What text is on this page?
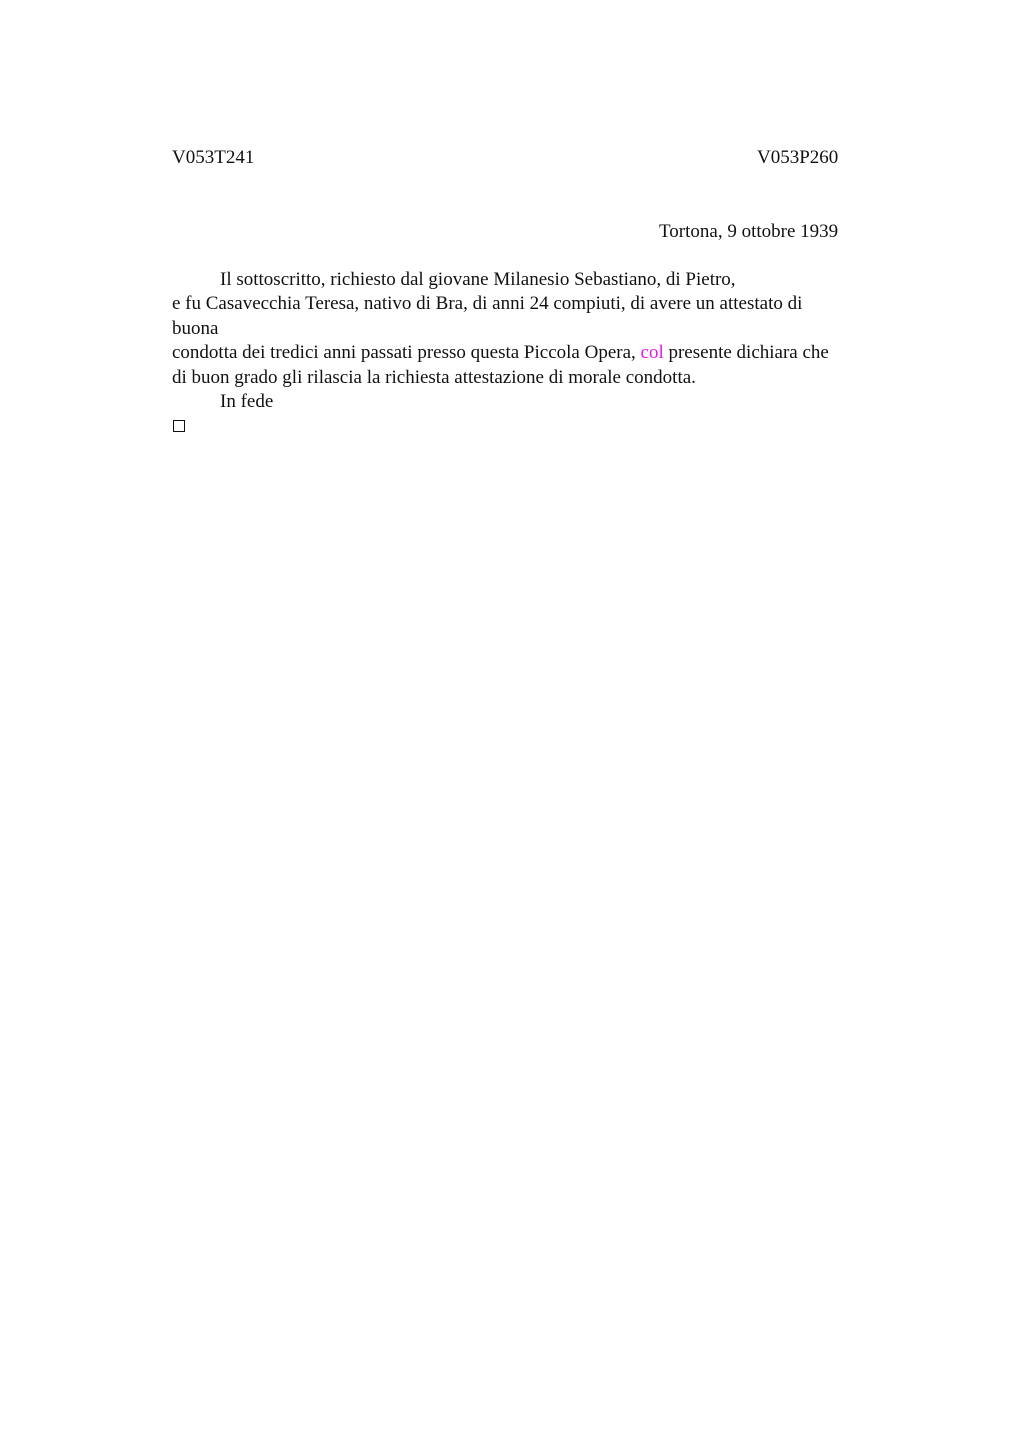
V053T241	V053P260
Tortona, 9 ottobre 1939
Il sottoscritto, richiesto dal giovane Milanesio Sebastiano, di Pietro,
e fu Casavecchia Teresa, nativo di Bra, di anni 24 compiuti, di avere un attestato di
buona
condotta dei tredici anni passati presso questa Piccola Opera, col presente dichiara che
di buon grado gli rilascia la richiesta attestazione di morale condotta.
In fede
